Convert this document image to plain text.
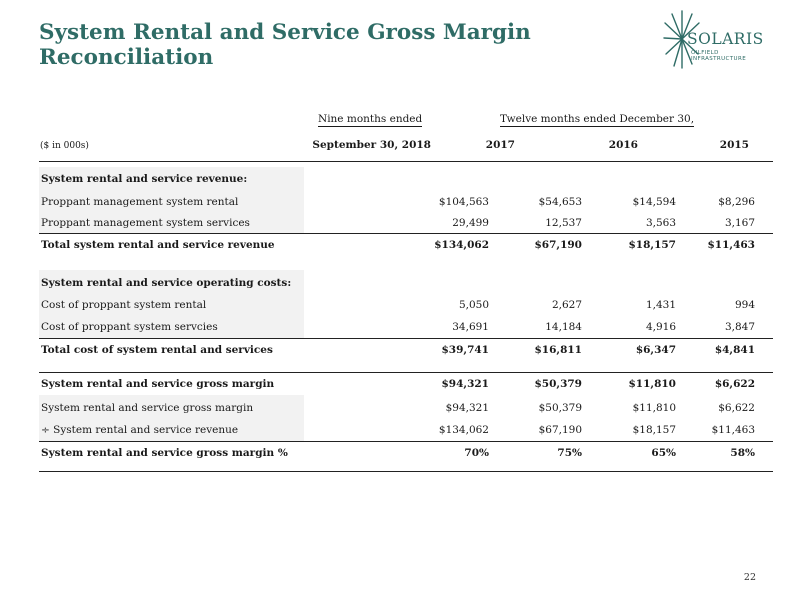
System Rental and Service Gross Margin
Reconciliation
SOLARIS
OILFIELD INFRASTRUCTURE
Nine months ended	Twelve months ended December 30,
($ in 000s)	September 30, 2018	2017	2016	2015
System rental and service revenue:
Proppant management system rental	$104,563	$54,653	$14,594	$8,296
Proppant management system services	29,499	12,537	3,563	3,167
Total system rental and service revenue	$134,062	$67,190	$18,157	$11,463
System rental and service operating costs:
Cost of proppant system rental	5,050	2,627	1,431	994
Cost of proppant system servcies	34,691	14,184	4,916	3,847
Total cost of system rental and services	$39,741	$16,811	$6,347	$4,841
System rental and service gross margin	$94,321	$50,379	$11,810	$6,622
System rental and service gross margin	$94,321	$50,379	$11,810	$6,622
÷ System rental and service revenue	$134,062	$67,190	$18,157	$11,463
System rental and service gross margin %	70%	75%	65%	58%
22
